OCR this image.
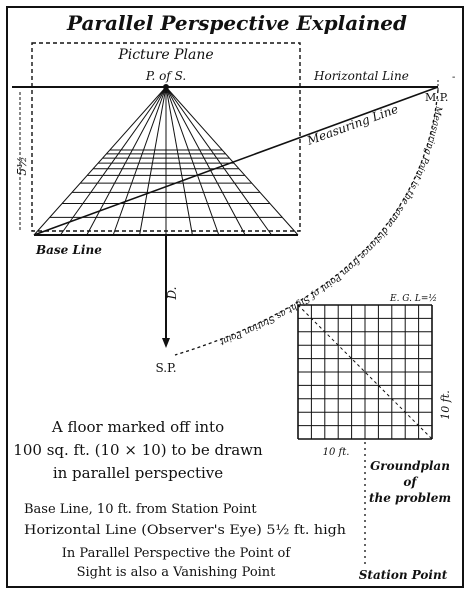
Parallel Perspective Explained
Picture Plane
Horizontal Line	-
P. of S.
M.P.
Measuring Line
Base Line
5½
D.
S.P.
Measuring Point is the same distance from Point of Sight as Station Point
E. G. L=½
10 ft.
10 ft.
Groundplan
of
the problem
Station Point
A floor marked off into
100 sq. ft. (10 × 10) to be drawn
in parallel perspective
Base Line, 10 ft. from Station Point
Horizontal Line (Observer's Eye) 5½ ft. high
In Parallel Perspective the Point of
Sight is also a Vanishing Point
